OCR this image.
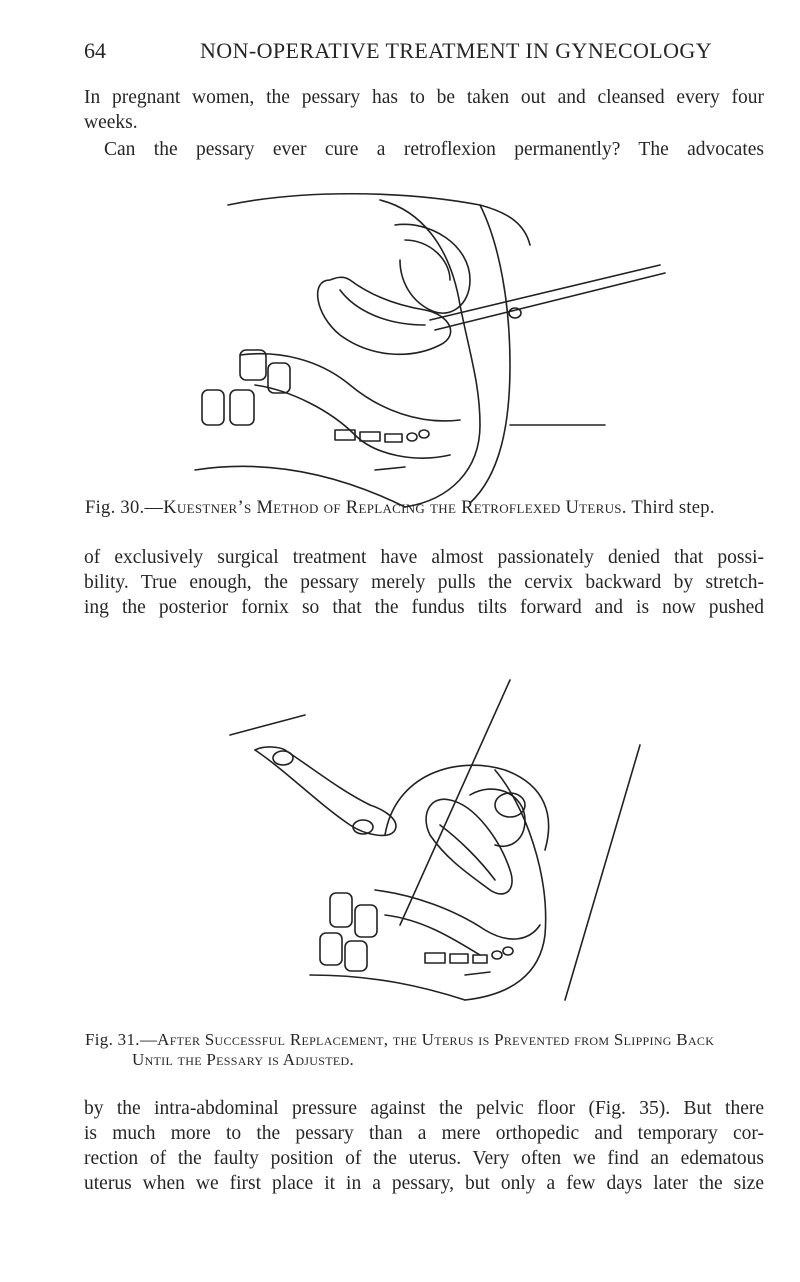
64	NON-OPERATIVE TREATMENT IN GYNECOLOGY
In pregnant women, the pessary has to be taken out and cleansed every four
weeks.
Can the pessary ever cure a retroflexion permanently? The advocates
Fig. 30.—Kuestner’s Method of Replacing the Retroflexed Uterus. Third step.
of exclusively surgical treatment have almost passionately denied that possi-
bility. True enough, the pessary merely pulls the cervix backward by stretch-
ing the posterior fornix so that the fundus tilts forward and is now pushed
Fig. 31.—After Successful Replacement, the Uterus is Prevented from Slipping Back
Until the Pessary is Adjusted.
by the intra-abdominal pressure against the pelvic floor (Fig. 35). But there
is much more to the pessary than a mere orthopedic and temporary cor-
rection of the faulty position of the uterus. Very often we find an edematous
uterus when we first place it in a pessary, but only a few days later the size
